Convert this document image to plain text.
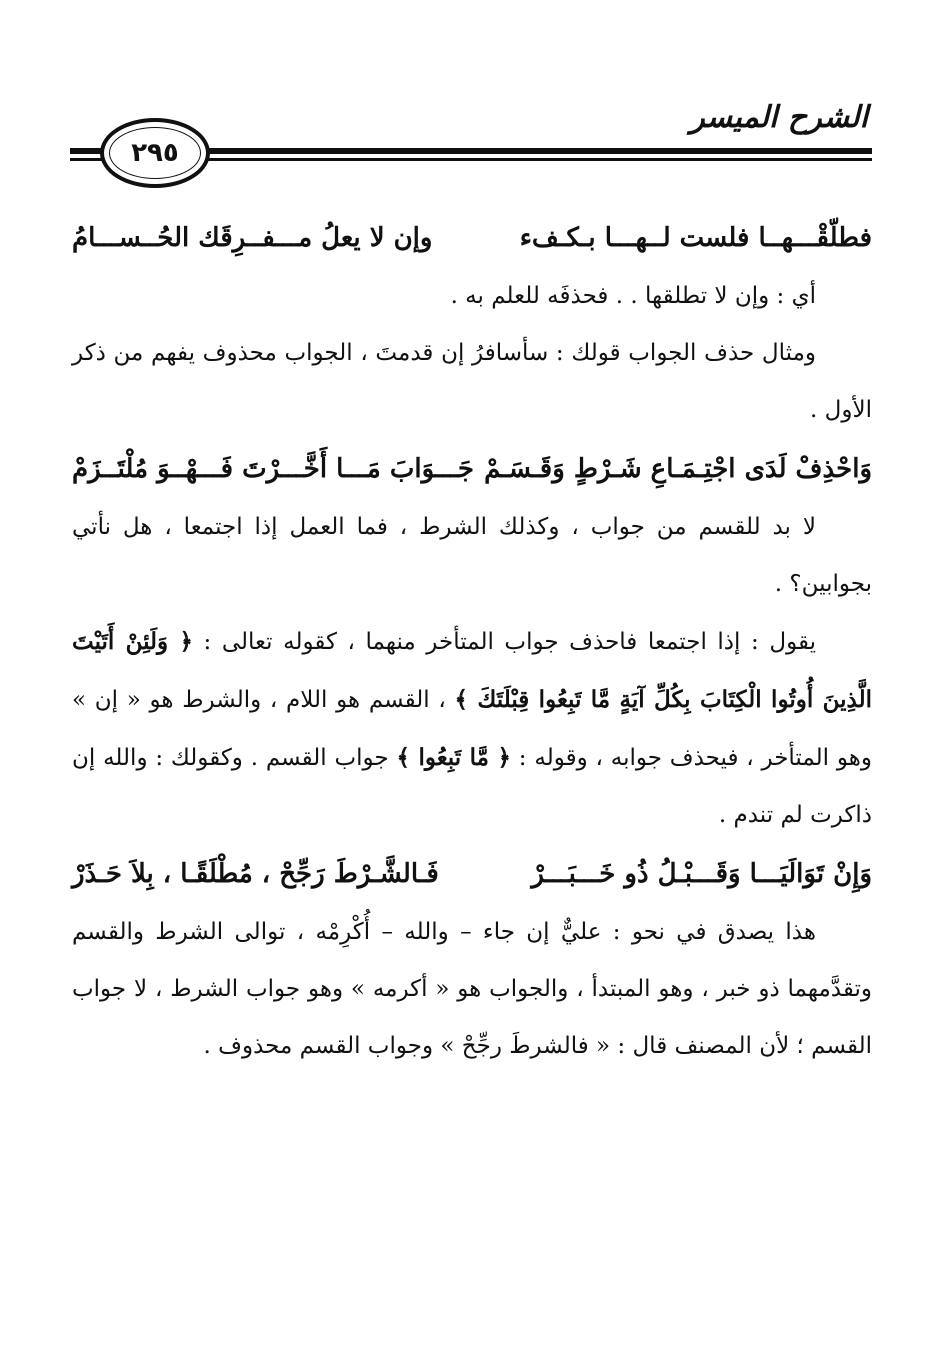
الشرح الميسر
٢٩٥
فطلّقْـــهــا فلست لــهـــا بـكـفء
وإن لا يعلُ مـــفــرِقَك الحُــســـامُ

أي : وإن لا تطلقها . . فحذفَه للعلم به .

ومثال حذف الجواب قولك : سأسافرُ إن قدمتَ ، الجواب محذوف يفهم من ذكر الأول .

وَاحْذِفْ لَدَى اجْتِـمَـاعِ شَـرْطٍ وَقَـسَـمْ
جَـــوَابَ مَـــا أَخَّـــرْتَ فَـــهْــوَ مُلْتَــزَمْ

لا بد للقسم من جواب ، وكذلك الشرط ، فما العمل إذا اجتمعا ، هل نأتي بجوابين؟ .

يقول : إذا اجتمعا فاحذف جواب المتأخر منهما ، كقوله تعالى : ﴿ وَلَئِنْ أَتَيْتَ الَّذِينَ أُوتُوا الْكِتَابَ بِكُلِّ آيَةٍ مَّا تَبِعُوا قِبْلَتَكَ ﴾ ، القسم هو اللام ، والشرط هو « إن » وهو المتأخر ، فيحذف جوابه ، وقوله : ﴿ مَّا تَبِعُوا ﴾ جواب القسم . وكقولك : والله إن ذاكرت لم تندم .

وَإِنْ تَوَالَيَـــا وَقَـــبْـلُ ذُو خَـــبَـــرْ
فَـالشَّـرْطَ رَجِّحْ ، مُطْلَقًـا ، بِلاَ حَـذَرْ

هذا يصدق في نحو : عليٌّ إن جاء – والله – أُكْرِمْه ، توالى الشرط والقسم وتقدَّمهما ذو خبر ، وهو المبتدأ ، والجواب هو « أكرمه » وهو جواب الشرط ، لا جواب القسم ؛ لأن المصنف قال : « فالشرطَ رجِّحْ » وجواب القسم محذوف .
